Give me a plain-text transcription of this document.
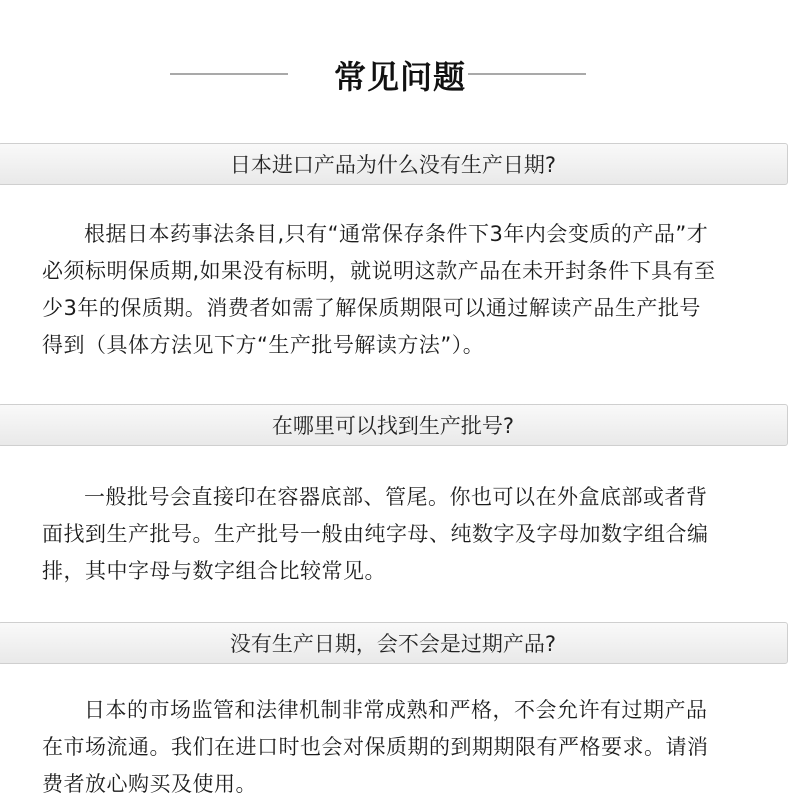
常见问题
日本进口产品为什么没有生产日期?

根据日本药事法条目,只有“通常保存条件下3年内会变质的产品”才必须标明保质期,如果没有标明，就说明这款产品在未开封条件下具有至少3年的保质期。消费者如需了解保质期限可以通过解读产品生产批号得到（具体方法见下方“生产批号解读方法”）。

在哪里可以找到生产批号?

一般批号会直接印在容器底部、管尾。你也可以在外盒底部或者背面找到生产批号。生产批号一般由纯字母、纯数字及字母加数字组合编排，其中字母与数字组合比较常见。

没有生产日期，会不会是过期产品?

日本的市场监管和法律机制非常成熟和严格，不会允许有过期产品在市场流通。我们在进口时也会对保质期的到期期限有严格要求。请消费者放心购买及使用。
